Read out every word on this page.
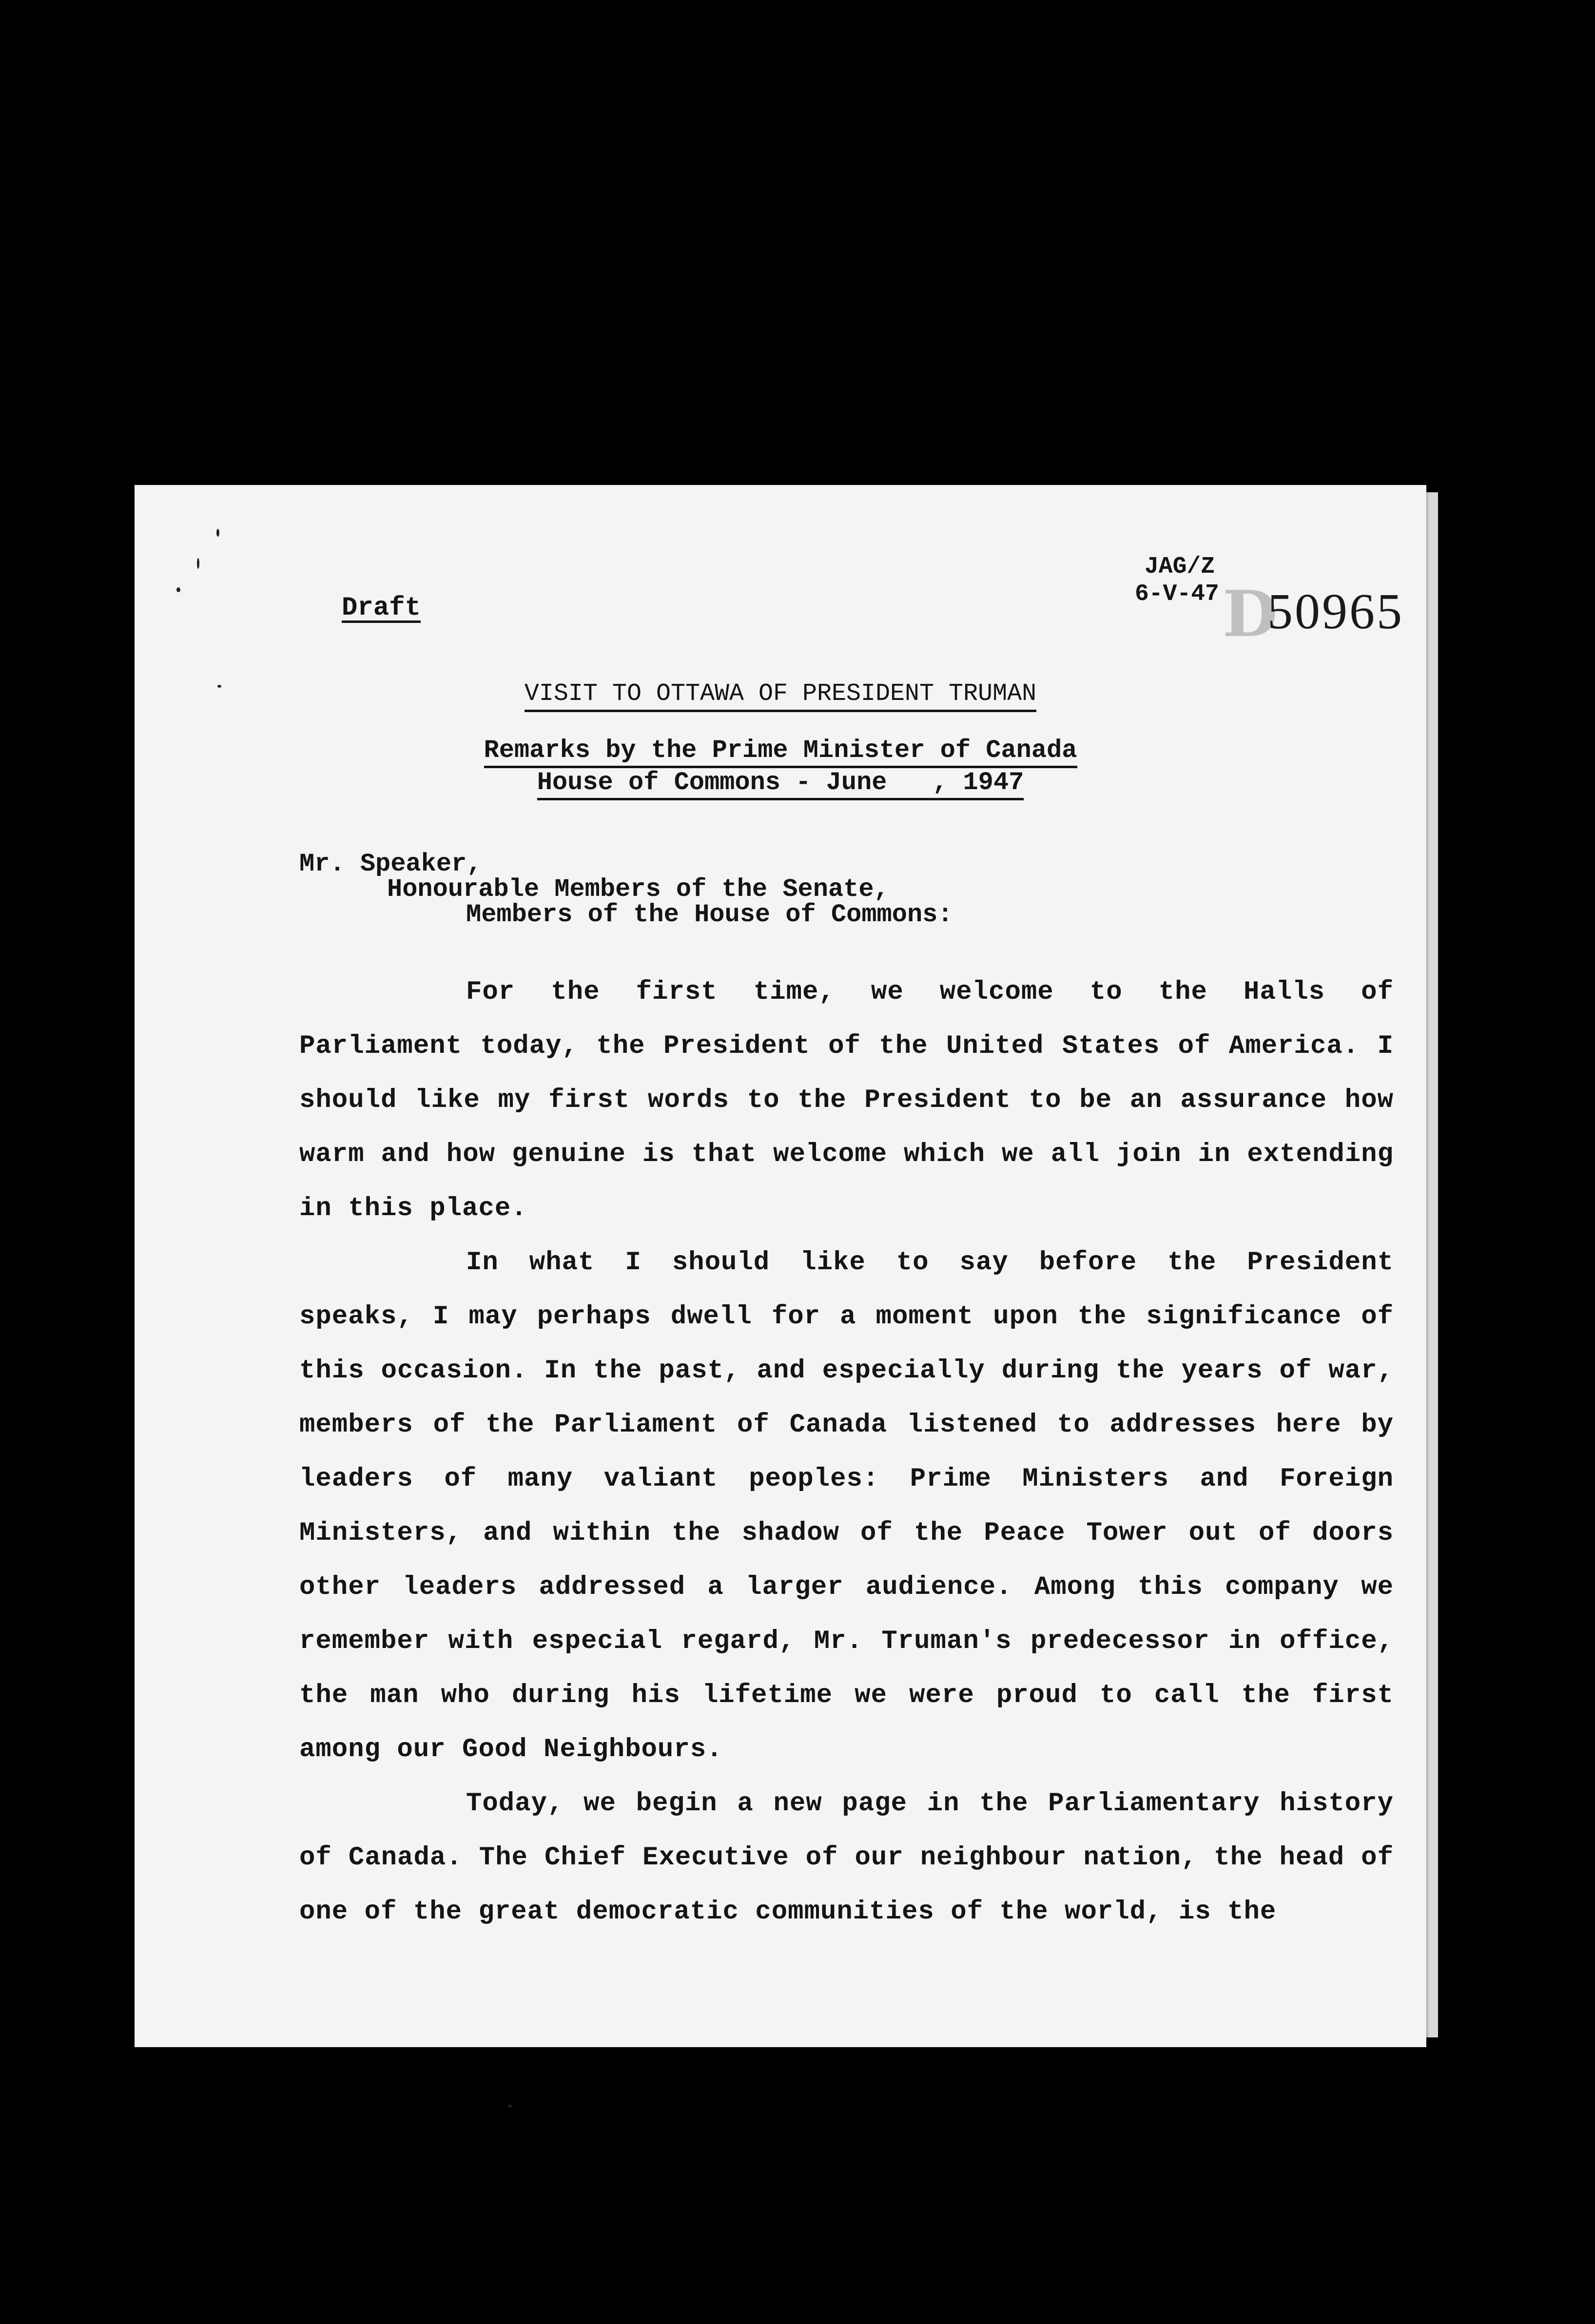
Draft
JAG/Z
6-V-47 D
50965
VISIT TO OTTAWA OF PRESIDENT TRUMAN
Remarks by the Prime Minister of Canada
House of Commons - June   , 1947
Mr. Speaker,
Honourable Members of the Senate,
Members of the House of Commons:
For the first time, we welcome to the Halls of Parliament today, the President of the United States of America. I should like my first words to the President to be an assurance how warm and how genuine is that welcome which we all join in extending in this place.
In what I should like to say before the President speaks, I may perhaps dwell for a moment upon the significance of this occasion. In the past, and especially during the years of war, members of the Parliament of Canada listened to addresses here by leaders of many valiant peoples: Prime Ministers and Foreign Ministers, and within the shadow of the Peace Tower out of doors other leaders addressed a larger audience. Among this company we remember with especial regard, Mr. Truman's predecessor in office, the man who during his lifetime we were proud to call the first among our Good Neighbours.
Today, we begin a new page in the Parliamentary history of Canada. The Chief Executive of our neighbour nation, the head of one of the great democratic communities of the world, is the
